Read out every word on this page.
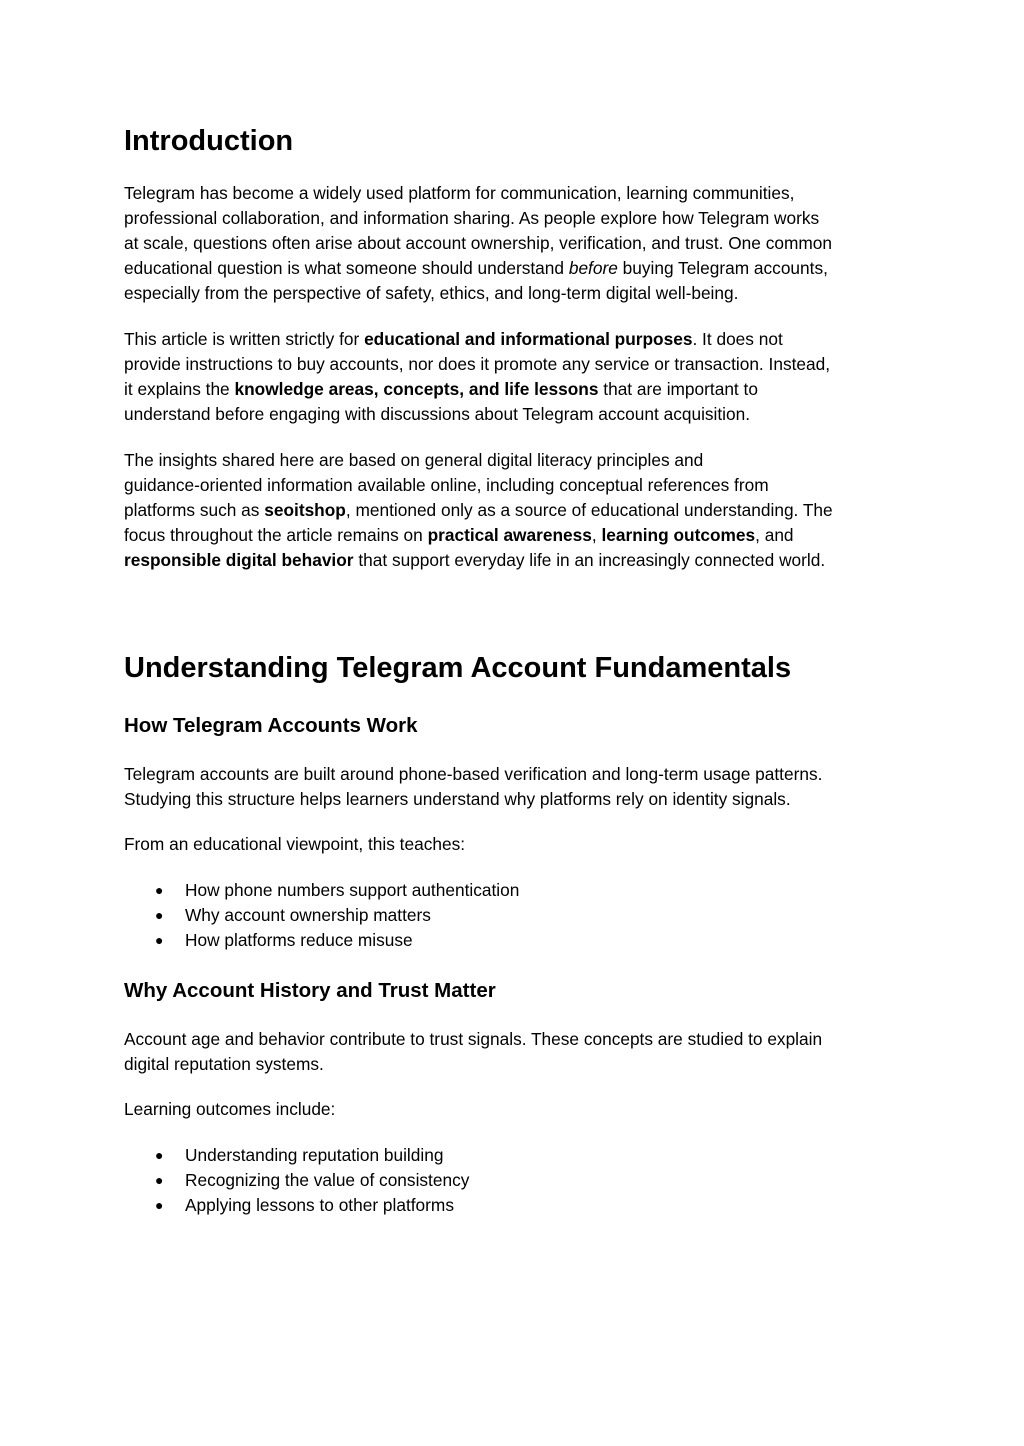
Introduction

Telegram has become a widely used platform for communication, learning communities,
professional collaboration, and information sharing. As people explore how Telegram works
at scale, questions often arise about account ownership, verification, and trust. One common
educational question is what someone should understand before buying Telegram accounts,
especially from the perspective of safety, ethics, and long-term digital well-being.

This article is written strictly for educational and informational purposes. It does not
provide instructions to buy accounts, nor does it promote any service or transaction. Instead,
it explains the knowledge areas, concepts, and life lessons that are important to
understand before engaging with discussions about Telegram account acquisition.

The insights shared here are based on general digital literacy principles and
guidance-oriented information available online, including conceptual references from
platforms such as seoitshop, mentioned only as a source of educational understanding. The
focus throughout the article remains on practical awareness, learning outcomes, and
responsible digital behavior that support everyday life in an increasingly connected world.

Understanding Telegram Account Fundamentals
How Telegram Accounts Work

Telegram accounts are built around phone-based verification and long-term usage patterns.
Studying this structure helps learners understand why platforms rely on identity signals.

From an educational viewpoint, this teaches:

● How phone numbers support authentication
● Why account ownership matters
● How platforms reduce misuse
Why Account History and Trust Matter

Account age and behavior contribute to trust signals. These concepts are studied to explain
digital reputation systems.

Learning outcomes include:

● Understanding reputation building
● Recognizing the value of consistency
● Applying lessons to other platforms
